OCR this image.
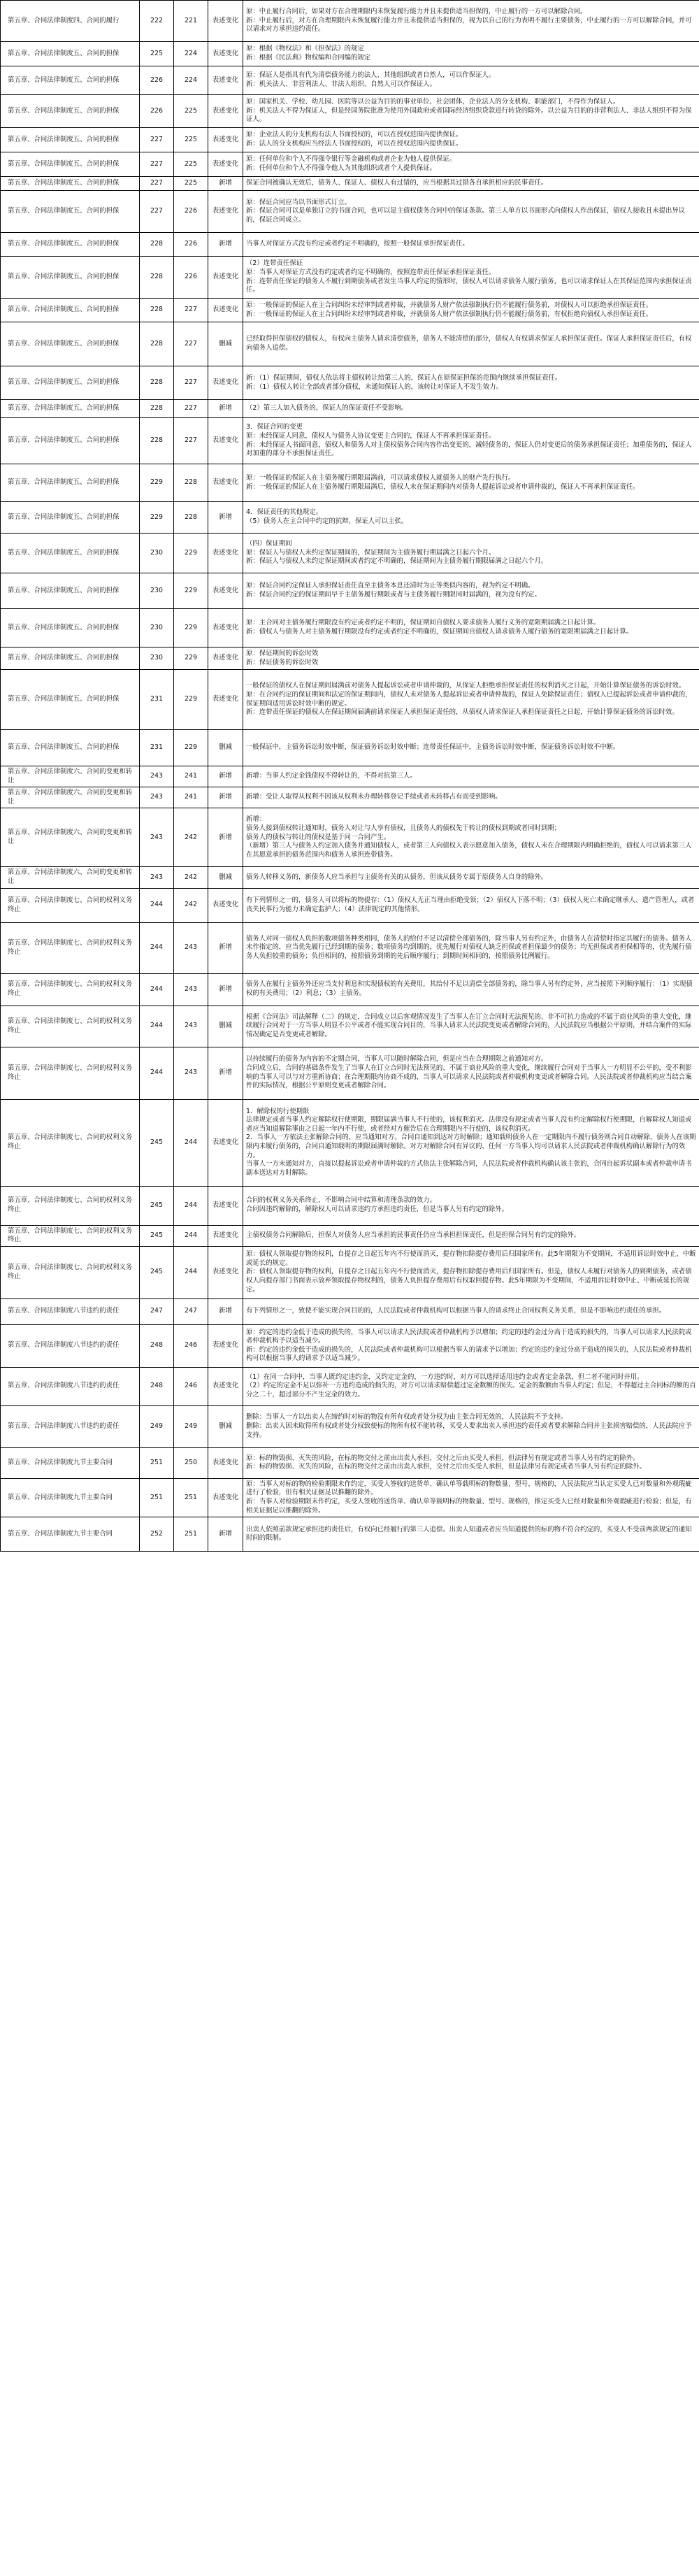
第五章、合同法律制度四、合同的履行	222	221	表述变化	原：中止履行合同后，如果对方在合理期限内未恢复履行能力并且未提供适当担保的，中止履行的一方可以解除合同。
新：中止履行后，对方在合理期限内未恢复履行能力并且未提供适当担保的，视为以自己的行为表明不履行主要债务，中止履行的一方可以解除合同，并可以请求对方承担违约责任。
第五章、合同法律制度五、合同的担保	225	224	表述变化	原：根据《物权法》和《担保法》的规定
新：根据《民法典》物权编和合同编的规定
第五章、合同法律制度五、合同的担保	226	224	表述变化	原：保证人是指具有代为清偿债务能力的法人、其他组织或者自然人，可以作保证人。
新：机关法人、非营利法人、非法人组织、自然人可以作保证人。
第五章、合同法律制度五、合同的担保	226	225	表述变化	原：国家机关、学校、幼儿园、医院等以公益为目的的事业单位、社会团体，企业法人的分支机构、职能部门，不得作为保证人。
新：机关法人不得为保证人，但是经国务院批准为使用外国政府或者国际经济组织贷款进行转贷的除外。以公益为目的的非营利法人、非法人组织不得为保证人。
第五章、合同法律制度五、合同的担保	227	225	表述变化	原：企业法人的分支机构有法人书面授权的，可以在授权范围内提供保证。
新：法人的分支机构应当经法人书面授权的，可以在授权范围内提供保证。
第五章、合同法律制度五、合同的担保	227	225	表述变化	原：任何单位和个人不得强令银行等金融机构或者企业为他人提供保证。
新：任何单位和个人不得强令他人为其他组织或者个人提供保证。
第五章、合同法律制度五、合同的担保	227	225	新增	保证合同被确认无效后，债务人、保证人、债权人有过错的，应当根据其过错各自承担相应的民事责任。
第五章、合同法律制度五、合同的担保	227	226	表述变化	原：保证合同应当以书面形式订立。
新：保证合同可以是单独订立的书面合同，也可以是主债权债务合同中的保证条款。第三人单方以书面形式向债权人作出保证，债权人接收且未提出异议的，保证合同成立。
第五章、合同法律制度五、合同的担保	228	226	新增	当事人对保证方式没有约定或者约定不明确的，按照一般保证承担保证责任。
第五章、合同法律制度五、合同的担保	228	226	表述变化	（2）连带责任保证
原：当事人对保证方式没有约定或者约定不明确的，按照连带责任保证承担保证责任。
新：连带责任保证的债务人不履行到期债务或者发生当事人约定的情形时，债权人可以请求债务人履行债务，也可以请求保证人在其保证范围内承担保证责任。
第五章、合同法律制度五、合同的担保	228	227	表述变化	原：一般保证的保证人在主合同纠纷未经审判或者仲裁，并就债务人财产依法强制执行仍不能履行债务前，对债权人可以拒绝承担保证责任。
新：一般保证的保证人在主合同纠纷未经审判或者仲裁，并就债务人财产依法强制执行仍不能履行债务前，有权拒绝向债权人承担保证责任。
第五章、合同法律制度五、合同的担保	228	227	删减	已经取得担保债权的债权人，有权向主债务人请求清偿债务，债务人不能清偿的部分，债权人有权请求保证人承担保证责任。保证人承担保证责任后，有权向债务人追偿。
第五章、合同法律制度五、合同的担保	228	227	表述变化	新：（1）保证期间，债权人依法将主债权转让给第三人的，保证人在原保证担保的范围内继续承担保证责任。
新：（1）债权人转让全部或者部分债权，未通知保证人的，该转让对保证人不发生效力。
第五章、合同法律制度五、合同的担保	228	227	新增	（2）第三人加入债务的，保证人的保证责任不受影响。
第五章、合同法律制度五、合同的担保	228	227	表述变化	3．保证合同的变更
原：未经保证人同意，债权人与债务人协议变更主合同的，保证人不再承担保证责任。
新：未经保证人书面同意，债权人和债务人对主债权债务合同内容作出变更的，减轻债务的，保证人仍对变更后的债务承担保证责任；加重债务的，保证人对加重的部分不承担保证责任。
第五章、合同法律制度五、合同的担保	229	228	表述变化	原：一般保证的保证人在主债务履行期限届满前，可以请求债权人就债务人的财产先行执行。
新：一般保证的保证人在主债务履行期限届满后，债权人未在保证期间内对债务人提起诉讼或者申请仲裁的，保证人不再承担保证责任。
第五章、合同法律制度五、合同的担保	229	228	新增	4．保证责任的其他规定。
（5）债务人在主合同中约定的抗辩，保证人可以主张。
第五章、合同法律制度五、合同的担保	230	229	表述变化	（四）保证期间
原：保证人与债权人未约定保证期间的，保证期间为主债务履行期届满之日起六个月。
新：保证人与债权人未约定保证期间或者约定不明确的，保证期间为主债务履行期限届满之日起六个月。
第五章、合同法律制度五、合同的担保	230	229	表述变化	原：保证合同约定保证人承担保证责任直至主债务本息还清时为止等类似内容的，视为约定不明确。
新：保证合同约定的保证期间早于主债务履行期限或者与主债务履行期限同时届满的，视为没有约定。
第五章、合同法律制度五、合同的担保	230	229	表述变化	原：主合同对主债务履行期限没有约定或者约定不明的，保证期间自债权人要求债务人履行义务的宽限期届满之日起计算。
新：债权人与债务人对主债务履行期限没有约定或者约定不明确的，保证期间自债权人请求债务人履行债务的宽限期届满之日起计算。
第五章、合同法律制度五、合同的担保	230	229	表述变化	原：保证期间的诉讼时效
新：保证债务的诉讼时效
第五章、合同法律制度五、合同的担保	231	229	表述变化	一般保证的债权人在保证期间届满前对债务人提起诉讼或者申请仲裁的，从保证人拒绝承担保证责任的权利消灭之日起，开始计算保证债务的诉讼时效。
原：在合同约定的保证期间和法定的保证期间内，债权人未对债务人提起诉讼或者申请仲裁的，保证人免除保证责任；债权人已提起诉讼或者申请仲裁的，保证期间适用诉讼时效中断的规定。
新：连带责任保证的债权人在保证期间届满前请求保证人承担保证责任的，从债权人请求保证人承担保证责任之日起，开始计算保证债务的诉讼时效。
第五章、合同法律制度五、合同的担保	231	229	删减	一般保证中，主债务诉讼时效中断，保证债务诉讼时效中断；连带责任保证中，主债务诉讼时效中断，保证债务诉讼时效不中断。
第五章、合同法律制度六、合同的变更和转让	243	241	新增	新增：当事人约定金钱债权不得转让的，不得对抗第三人。
第五章、合同法律制度六、合同的变更和转让	243	241	新增	新增：受让人取得从权利不因该从权利未办理转移登记手续或者未转移占有而受到影响。
第五章、合同法律制度六、合同的变更和转让	243	242	新增	新增：
债务人接到债权转让通知时，债务人对让与人享有债权，且债务人的债权先于转让的债权到期或者同时到期；
债务人的债权与转让的债权是基于同一合同产生。
（新增）第三人与债务人约定加入债务并通知债权人，或者第三人向债权人表示愿意加入债务，债权人未在合理期限内明确拒绝的，债权人可以请求第三人在其愿意承担的债务范围内和债务人承担连带债务。
第五章、合同法律制度六、合同的变更和转让	243	242	删减	债务人转移义务的，新债务人应当承担与主债务有关的从债务，但该从债务专属于原债务人自身的除外。
第五章、合同法律制度七、合同的权利义务终止	244	242	表述变化	有下列情形之一的，债务人可以将标的物提存：（1）债权人无正当理由拒绝受领；（2）债权人下落不明；（3）债权人死亡未确定继承人、遗产管理人，或者丧失民事行为能力未确定监护人；（4）法律规定的其他情形。
第五章、合同法律制度七、合同的权利义务终止	244	243	新增	债务人对同一债权人负担的数项债务种类相同，债务人的给付不足以清偿全部债务的，除当事人另有约定外，由债务人在清偿时指定其履行的债务。债务人未作指定的，应当优先履行已经到期的债务；数项债务均到期的，优先履行对债权人缺乏担保或者担保最少的债务；均无担保或者担保相等的，优先履行债务人负担较重的债务；负担相同的，按照债务到期的先后顺序履行；到期时间相同的，按照债务比例履行。
第五章、合同法律制度七、合同的权利义务终止	244	243	新增	债务人在履行主债务外还应当支付利息和实现债权的有关费用，其给付不足以清偿全部债务的，除当事人另有约定外，应当按照下列顺序履行：（1）实现债权的有关费用；（2）利息；（3）主债务。
第五章、合同法律制度七、合同的权利义务终止	244	243	删减	根据《合同法》司法解释（二）的规定，合同成立以后客观情况发生了当事人在订立合同时无法预见的、非不可抗力造成的不属于商业风险的重大变化，继续履行合同对于一方当事人明显不公平或者不能实现合同目的，当事人请求人民法院变更或者解除合同的，人民法院应当根据公平原则，并结合案件的实际情况确定是否变更或者解除。
第五章、合同法律制度七、合同的权利义务终止	244	243	新增	以持续履行的债务为内容的不定期合同，当事人可以随时解除合同，但是应当在合理期限之前通知对方。
合同成立后，合同的基础条件发生了当事人在订立合同时无法预见的、不属于商业风险的重大变化，继续履行合同对于当事人一方明显不公平的，受不利影响的当事人可以与对方重新协商；在合理期限内协商不成的，当事人可以请求人民法院或者仲裁机构变更或者解除合同。人民法院或者仲裁机构应当结合案件的实际情况，根据公平原则变更或者解除合同。
第五章、合同法律制度七、合同的权利义务终止	245	244	表述变化	1．解除权的行使期限
法律规定或者当事人约定解除权行使期限，期限届满当事人不行使的，该权利消灭。法律没有规定或者当事人没有约定解除权行使期限，自解除权人知道或者应当知道解除事由之日起一年内不行使，或者经对方催告后在合理期限内不行使的，该权利消灭。
2．当事人一方依法主张解除合同的，应当通知对方。合同自通知到达对方时解除；通知载明债务人在一定期限内不履行债务则合同自动解除，债务人在该期限内未履行债务的，合同自通知载明的期限届满时解除。对方对解除合同有异议的，任何一方当事人均可以请求人民法院或者仲裁机构确认解除行为的效力。
当事人一方未通知对方，直接以提起诉讼或者申请仲裁的方式依法主张解除合同，人民法院或者仲裁机构确认该主张的，合同自起诉状副本或者仲裁申请书副本送达对方时解除。
第五章、合同法律制度七、合同的权利义务终止	245	244	表述变化	合同的权利义务关系终止，不影响合同中结算和清理条款的效力。
合同因违约解除的，解除权人可以请求违约方承担违约责任，但是当事人另有约定的除外。
第五章、合同法律制度七、合同的权利义务终止	245	244	表述变化	主债权债务合同解除后，担保人对债务人应当承担的民事责任仍应当承担担保责任，但是担保合同另有约定的除外。
第五章、合同法律制度七、合同的权利义务终止	245	244	表述变化	原：债权人领取提存物的权利，自提存之日起五年内不行使而消灭，提存物扣除提存费用后归国家所有。此5年期限为不变期间，不适用诉讼时效中止、中断或延长的规定。
新：债权人领取提存物的权利，自提存之日起五年内不行使而消灭，提存物扣除提存费用后归国家所有。但是，债权人未履行对债务人的到期债务，或者债权人向提存部门书面表示放弃领取提存物权利的，债务人负担提存费用后有权取回提存物。此5年期限为不变期间，不适用诉讼时效中止、中断或延长的规定。
第五章、合同法律制度八节违约的责任	247	247	新增	有下列情形之一，致使不能实现合同目的的，人民法院或者仲裁机构可以根据当事人的请求终止合同权利义务关系，但是不影响违约责任的承担。
第五章、合同法律制度八节违约的责任	248	246	表述变化	原：约定的违约金低于造成的损失的，当事人可以请求人民法院或者仲裁机构予以增加；约定的违约金过分高于造成的损失的，当事人可以请求人民法院或者仲裁机构予以适当减少。
新：约定的违约金低于造成的损失的，人民法院或者仲裁机构可以根据当事人的请求予以增加；约定的违约金过分高于造成的损失的，人民法院或者仲裁机构可以根据当事人的请求予以适当减少。
第五章、合同法律制度八节违约的责任	248	246	表述变化	（1）在同一合同中，当事人既约定违约金，又约定定金的，一方违约时，对方可以选择适用违约金或者定金条款，但二者不能同时并用。
（2）约定的定金不足以弥补一方违约造成的损失的，对方可以请求赔偿超过定金数额的损失。定金的数额由当事人约定；但是，不得超过主合同标的额的百分之二十，超过部分不产生定金的效力。
第五章、合同法律制度八节违约的责任	249	249	删减	删除：当事人一方以出卖人在缔约时对标的物没有所有权或者处分权为由主张合同无效的，人民法院不予支持。
删除：出卖人因未取得所有权或者处分权致使标的物所有权不能转移，买受人要求出卖人承担违约责任或者要求解除合同并主张损害赔偿的，人民法院应予支持。
第五章、合同法律制度九节主要合同	251	250	表述变化	原：标的物毁损、灭失的风险，在标的物交付之前由出卖人承担，交付之后由买受人承担，但法律另有规定或者当事人另有约定的除外。
新：标的物毁损、灭失的风险，在标的物交付之前由出卖人承担，交付之后由买受人承担，但是法律另有规定或者当事人另有约定的除外。
第五章、合同法律制度九节主要合同	251	251	表述变化	原：当事人对标的物的检验期限未作约定，买受人签收的送货单、确认单等载明标的物数量、型号、规格的，人民法院应当认定买受人已对数量和外观瑕疵进行了检验，但有相关证据足以推翻的除外。
新：当事人对检验期限未作约定，买受人签收的送货单、确认单等载明标的物数量、型号、规格的，推定买受人已经对数量和外观瑕疵进行检验；但是，有相关证据足以推翻的除外。
第五章、合同法律制度九节主要合同	252	251	新增	出卖人依照前款规定承担违约责任后，有权向已经履行的第三人追偿。出卖人知道或者应当知道提供的标的物不符合约定的，买受人不受前两款规定的通知时间的限制。
